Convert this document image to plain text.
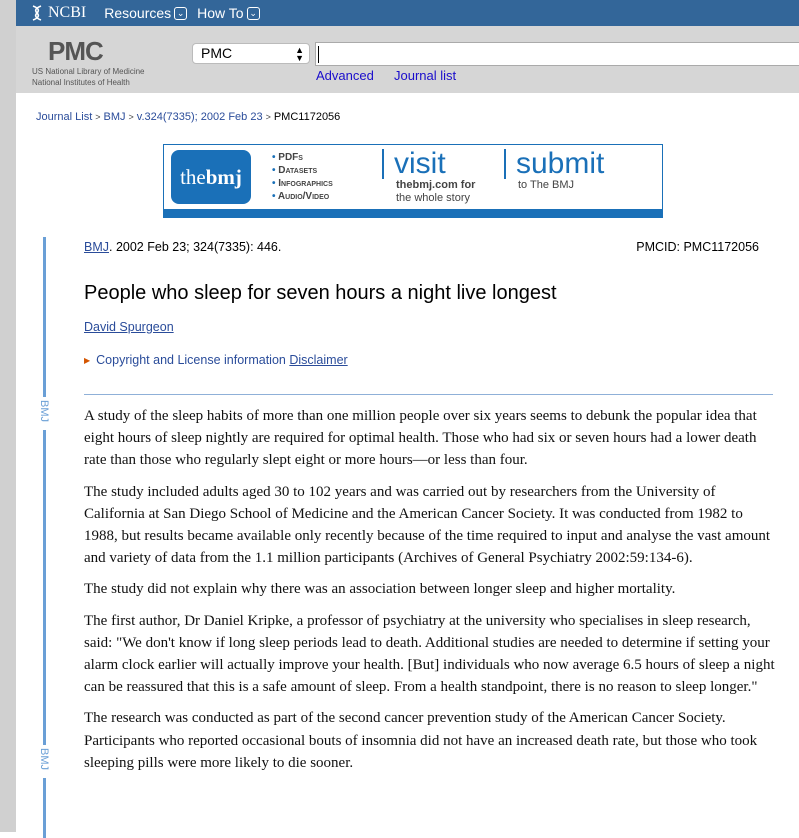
NCBI Resources ⌄ How To ⌄
PMC
US National Library of Medicine
National Institutes of Health
PMC	▲
▼
Advanced Journal list
Journal List > BMJ > v.324(7335); 2002 Feb 23 > PMC1172056
the bmj
• PDFs
• Datasets
• Infographics
• Audio/Video
visit
thebmj.com for
the whole story
submit
to The BMJ
BMJ
BMJ
BMJ. 2002 Feb 23; 324(7335): 446.	PMCID: PMC1172056
People who sleep for seven hours a night live longest
David Spurgeon
▶ Copyright and License information Disclaimer

A study of the sleep habits of more than one million people over six years seems to debunk the popular idea that eight hours of sleep nightly are required for optimal health. Those who had six or seven hours had a lower death rate than those who regularly slept eight or more hours—or less than four.

The study included adults aged 30 to 102 years and was carried out by researchers from the University of California at San Diego School of Medicine and the American Cancer Society. It was conducted from 1982 to 1988, but results became available only recently because of the time required to input and analyse the vast amount and variety of data from the 1.1 million participants (Archives of General Psychiatry 2002:59:134-6).

The study did not explain why there was an association between longer sleep and higher mortality.

The first author, Dr Daniel Kripke, a professor of psychiatry at the university who specialises in sleep research, said: "We don't know if long sleep periods lead to death. Additional studies are needed to determine if setting your alarm clock earlier will actually improve your health. [But] individuals who now average 6.5 hours of sleep a night can be reassured that this is a safe amount of sleep. From a health standpoint, there is no reason to sleep longer."

The research was conducted as part of the second cancer prevention study of the American Cancer Society. Participants who reported occasional bouts of insomnia did not have an increased death rate, but those who took sleeping pills were more likely to die sooner.
